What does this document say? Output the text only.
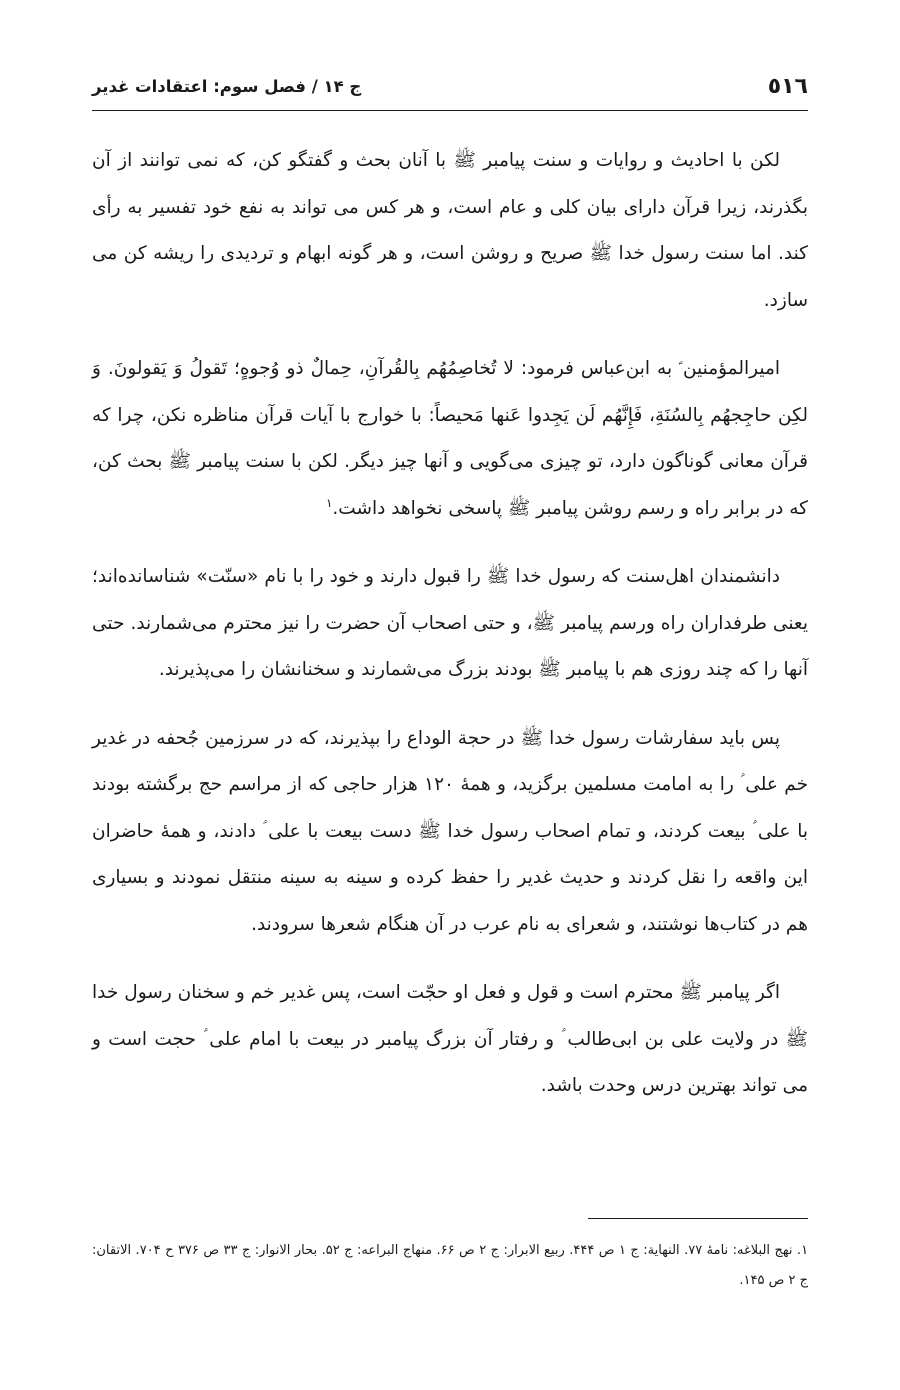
٥١٦
ج ١۴ / فصل سوم: اعتقادات غدیر

لکن با احادیث و روایات و سنت پیامبر ﷺ با آنان بحث و گفتگو کن، که نمی توانند از آن بگذرند، زیرا قرآن دارای بیان کلی و عام است، و هر کس می تواند به نفع خود تفسیر به رأی کند. اما سنت رسول خدا ﷺ صریح و روشن است، و هر گونه ابهام و تردیدی را ریشه کن می سازد.

امیرالمؤمنین ؑ به ابن‌عباس فرمود: لا تُخاصِمُهُم بِالقُرآنِ، حِمالٌ ذو وُجوهٍ؛ تَقولُ وَ يَقولونَ. وَ لكِن حاجِجهُم بِالسُنَةِ، فَإِنَّهُم لَن يَجِدوا عَنها مَحيصاً: با خوارج با آیات قرآن مناظره نکن، چرا که قرآن معانی گوناگون دارد، تو چیزی می‌گویی و آنها چیز دیگر. لکن با سنت پیامبر ﷺ بحث کن، که در برابر راه و رسم روشن پیامبر ﷺ پاسخی نخواهد داشت.$^١$

دانشمندان اهل‌سنت که رسول خدا ﷺ را قبول دارند و خود را با نام «سنّت» شناسانده‌اند؛ یعنی طرفداران راه ورسم پیامبر ﷺ، و حتی اصحاب آن حضرت را نیز محترم می‌شمارند. حتی آنها را که چند روزی هم با پیامبر ﷺ بودند بزرگ می‌شمارند و سخنانشان را می‌پذیرند.

پس باید سفارشات رسول خدا ﷺ در حجة الوداع را بپذیرند، که در سرزمین جُحفه در غدیر خم علی ؑ را به امامت مسلمین برگزید، و همهٔ ۱۲۰ هزار حاجی که از مراسم حج برگشته بودند با علی ؑ بیعت کردند، و تمام اصحاب رسول خدا ﷺ دست بیعت با علی ؑ دادند، و همهٔ حاضران این واقعه را نقل کردند و حدیث غدیر را حفظ کرده و سینه به سینه منتقل نمودند و بسیاری هم در کتاب‌ها نوشتند، و شعرای به نام عرب در آن هنگام شعرها سرودند.

اگر پیامبر ﷺ محترم است و قول و فعل او حجّت است، پس غدیر خم و سخنان رسول خدا ﷺ در ولایت علی بن ابی‌طالب ؑ و رفتار آن بزرگ پیامبر در بیعت با امام علی ؑ حجت است و می تواند بهترین درس وحدت باشد.

١. نهج البلاغه: نامهٔ ٧٧. النهایة: ج ١ ص ۴۴۴. ربیع الابرار: ج ٢ ص ۶۶. منهاج البراعه: ج ۵٢. بحار الانوار: ج ٣٣ ص ٣٧۶ ح ٧٠۴. الاتقان: ج ٢ ص ١۴۵.
